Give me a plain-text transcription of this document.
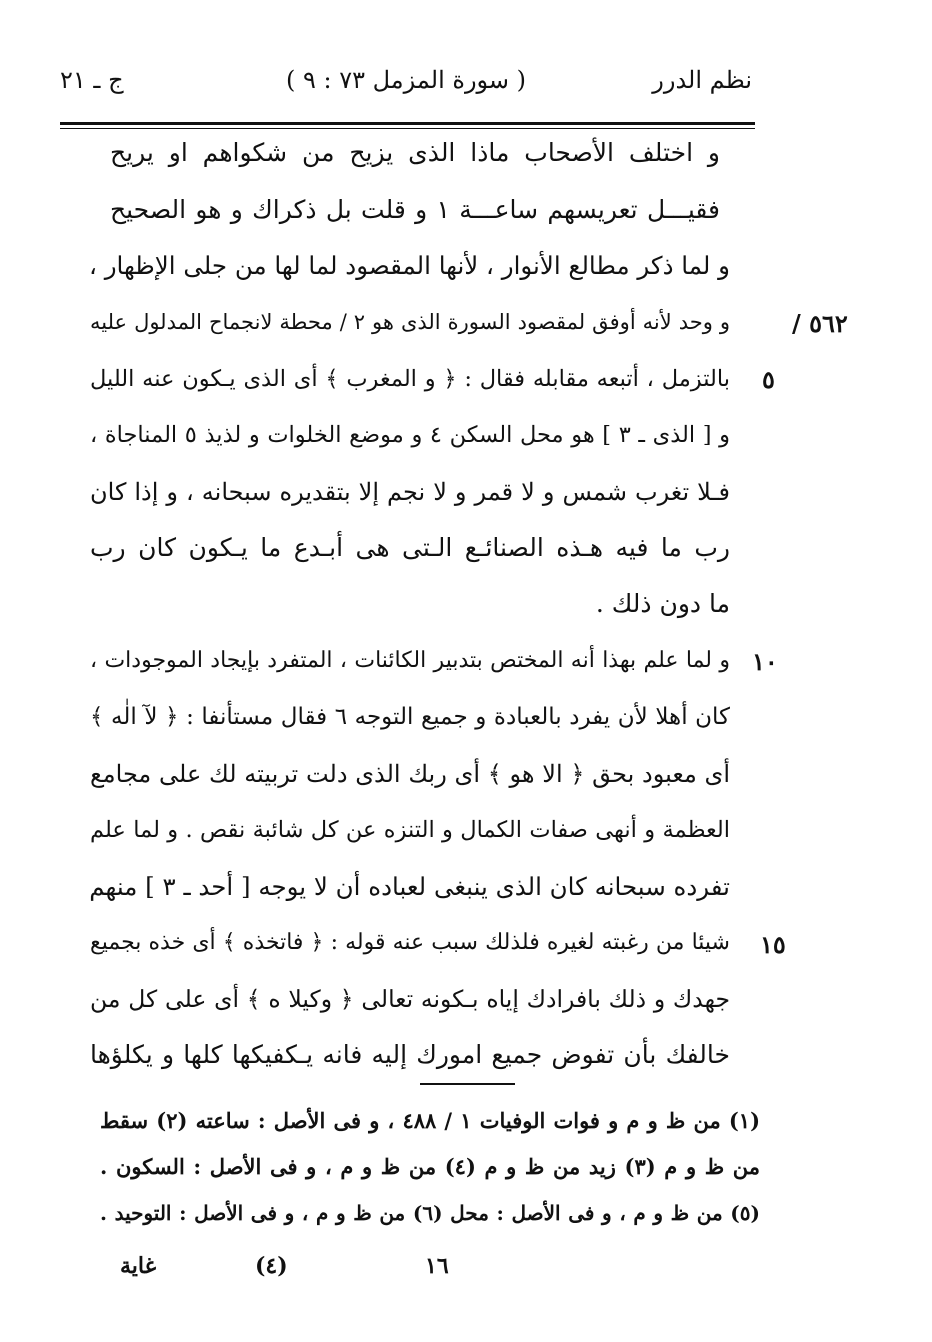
نظم الدرر
( سورة المزمل ٧٣ : ٩ )
ج ـ ٢١
٥٦٢ /
٥
١٠
١٥
و اختلف الأصحاب ماذا الذى يزيح من شكواهم او يريح
فقيـــل تعريسهم ساعـــة ١ و قلت بل ذكراك و هو الصحيح
و لما ذكر مطالع الأنوار ، لأنها المقصود لما لها من جلى الإظهار ،
و وحد لأنه أوفق لمقصود السورة الذى هو ٢ / محطة لانجماح المدلول عليه
بالتزمل ، أتبعه مقابله فقال : ﴿ و المغرب ﴾ أى الذى يـكون عنه الليل
و [ الذى ـ ٣ ] هو محل السكن ٤ و موضع الخلوات و لذيذ ٥ المناجاة ،
فـلا تغرب شمس و لا قمر و لا نجم إلا بتقديره سبحانه ، و إذا كان
رب ما فيه هـذه الصنائـع الـتى هى أبـدع ما يـكون كان رب
ما دون ذلك .
و لما علم بهذا أنه المختص بتدبير الكائنات ، المتفرد بإيجاد الموجودات ،
كان أهلا لأن يفرد بالعبادة و جميع التوجه ٦ فقال مستأنفا : ﴿ لآ الٰه ﴾
أى معبود بحق ﴿ الا هو ﴾ أى ربك الذى دلت تربيته لك على مجامع
العظمة و أنهى صفات الكمال و التنزه عن كل شائبة نقص . و لما علم
تفرده سبحانه كان الذى ينبغى لعباده أن لا يوجه [ أحد ـ ٣ ] منهم
شيئا من رغبته لغيره فلذلك سبب عنه قوله : ﴿ فاتخذه ﴾ أى خذه بجميع
جهدك و ذلك بافرادك إياه بـكونه تعالى ﴿ وكيلا ه ﴾ أى على كل من
خالفك بأن تفوض جميع امورك إليه فانه يـكفيكها كلها و يكلؤها
(١) من ظ و م و فوات الوفيات ١ / ٤٨٨ ، و فى الأصل : ساعته (٢) سقط
من ظ و م (٣) زيد من ظ و م (٤) من ظ و م ، و فى الأصل : السكون .
(٥) من ظ و م ، و فى الأصل : محل (٦) من ظ و م ، و فى الأصل : التوحيد .
١٦
(٤)
غاية
